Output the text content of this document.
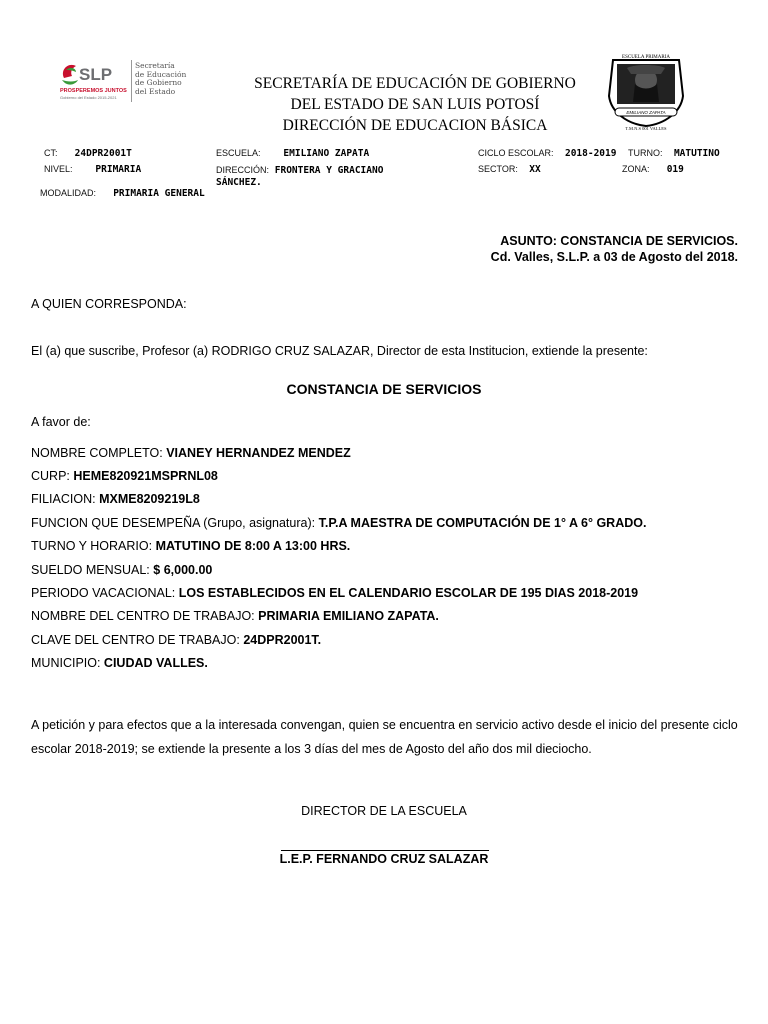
SLP
PROSPEREMOS JUNTOS
Gobierno del Estado 2015-2021
Secretaría
de Educación
de Gobierno
del Estado	SECRETARÍA DE EDUCACIÓN DE GOBIERNO
DEL ESTADO DE SAN LUIS POTOSÍ
DIRECCIÓN DE EDUCACION BÁSICA
ESCUELA PRIMARIA
EMILIANO ZAPATA
T.M.N.S 001 VALLES
CT: 24DPR2001T	ESCUELA: EMILIANO ZAPATA	CICLO ESCOLAR: 2018-2019 TURNO: MATUTINO
NIVEL: PRIMARIA	DIRECCIÓN: FRONTERA Y GRACIANO
SÁNCHEZ.
SECTOR: XX	ZONA: 019
MODALIDAD: PRIMARIA GENERAL
ASUNTO: CONSTANCIA DE SERVICIOS.
Cd. Valles, S.L.P. a 03 de Agosto del 2018.
A QUIEN CORRESPONDA:
El (a) que suscribe, Profesor (a) RODRIGO CRUZ SALAZAR, Director de esta Institucion, extiende la presente:
CONSTANCIA DE SERVICIOS
A favor de:
NOMBRE COMPLETO: VIANEY HERNANDEZ MENDEZ
CURP: HEME820921MSPRNL08
FILIACION: MXME8209219L8
FUNCION QUE DESEMPEÑA (Grupo, asignatura): T.P.A MAESTRA DE COMPUTACIÓN DE 1° A 6° GRADO.
TURNO Y HORARIO: MATUTINO DE 8:00 A 13:00 HRS.
SUELDO MENSUAL: $ 6,000.00
PERIODO VACACIONAL: LOS ESTABLECIDOS EN EL CALENDARIO ESCOLAR DE 195 DIAS 2018-2019
NOMBRE DEL CENTRO DE TRABAJO: PRIMARIA EMILIANO ZAPATA.
CLAVE DEL CENTRO DE TRABAJO: 24DPR2001T.
MUNICIPIO: CIUDAD VALLES.
A petición y para efectos que a la interesada convengan, quien se encuentra en servicio activo desde el inicio del presente ciclo escolar 2018-2019; se extiende la presente a los 3 días del mes de Agosto del año dos mil dieciocho.
DIRECTOR DE LA ESCUELA
L.E.P. FERNANDO CRUZ SALAZAR
